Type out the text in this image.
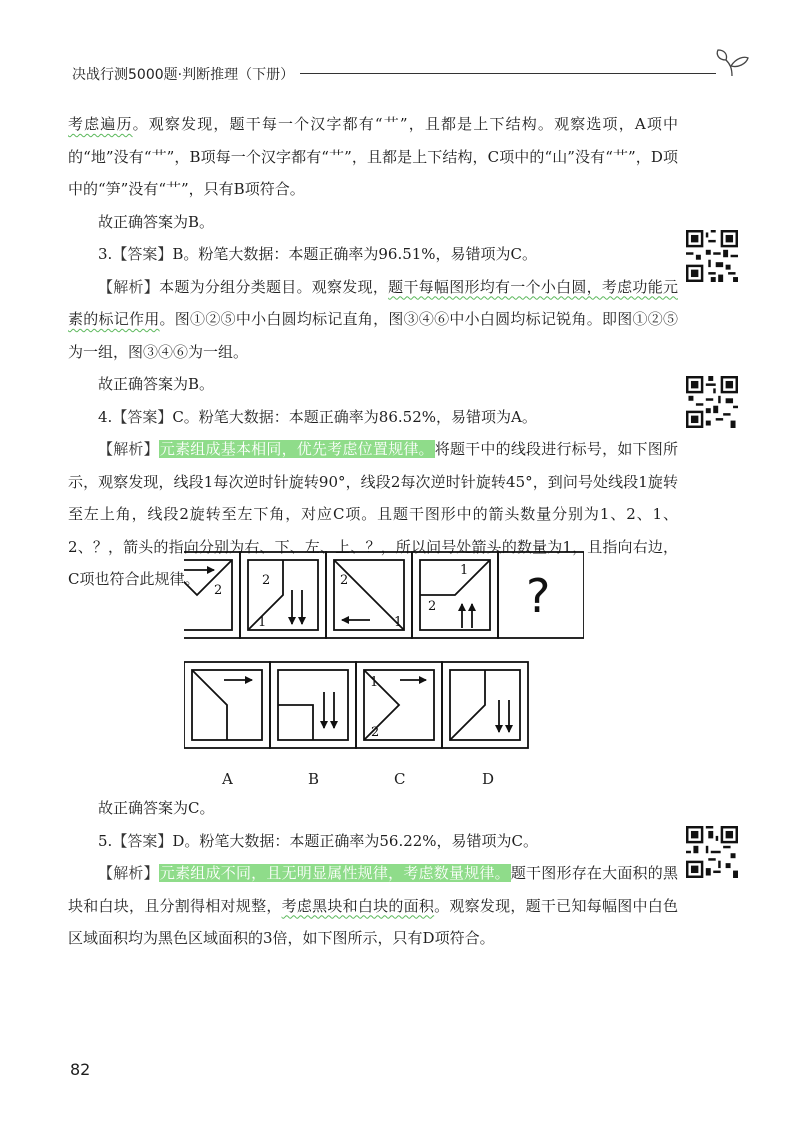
决战行测5000题·判断推理（下册）

考虑遍历。观察发现，题干每一个汉字都有“艹”，且都是上下结构。观察选项，A项中的“地”没有“艹”，B项每一个汉字都有“艹”，且都是上下结构，C项中的“山”没有“艹”，D项中的“笋”没有“艹”，只有B项符合。

故正确答案为B。

3.【答案】B。粉笔大数据：本题正确率为96.51%，易错项为C。

【解析】本题为分组分类题目。观察发现，题干每幅图形均有一个小白圆，考虑功能元素的标记作用。图①②⑤中小白圆均标记直角，图③④⑥中小白圆均标记锐角。即图①②⑤为一组，图③④⑥为一组。

故正确答案为B。

4.【答案】C。粉笔大数据：本题正确率为86.52%，易错项为A。

【解析】元素组成基本相同，优先考虑位置规律。将题干中的线段进行标号，如下图所示，观察发现，线段1每次逆时针旋转90°，线段2每次逆时针旋转45°，到问号处线段1旋转至左上角，线段2旋转至左下角，对应C项。且题干图形中的箭头数量分别为1、2、1、2、？，箭头的指向分别为右、下、左、上、？，所以问号处箭头的数量为1，且指向右边，C项也符合此规律。

2
2
1
2
1
1
2
1
2
?
A	B	C	D

故正确答案为C。

5.【答案】D。粉笔大数据：本题正确率为56.22%，易错项为C。

【解析】元素组成不同，且无明显属性规律，考虑数量规律。题干图形存在大面积的黑块和白块，且分割得相对规整，考虑黑块和白块的面积。观察发现，题干已知每幅图中白色区域面积均为黑色区域面积的3倍，如下图所示，只有D项符合。

82
